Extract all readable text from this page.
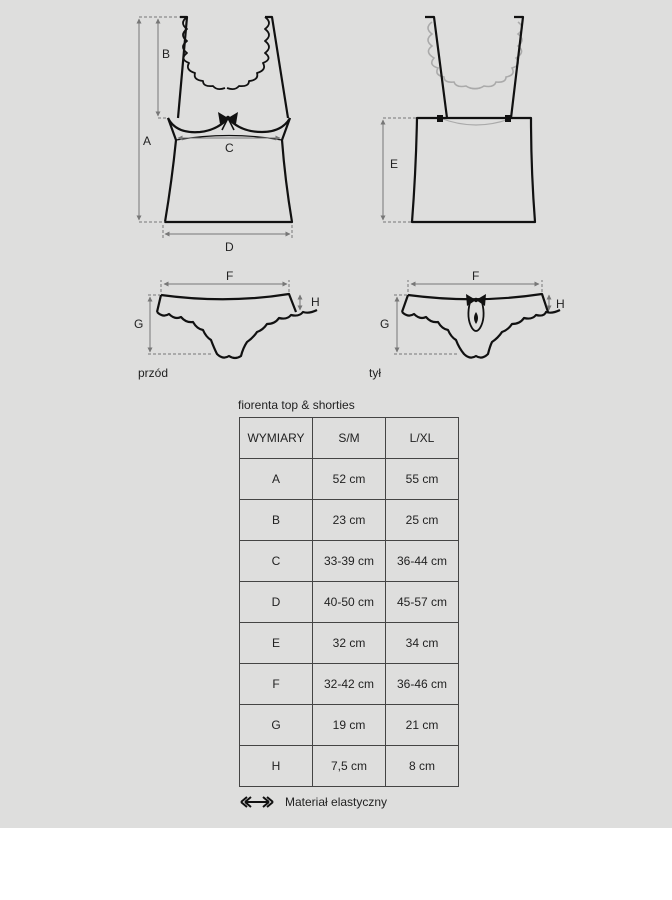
A
B
C
D
E
F
G
H
F
G
H
przód	tył
fiorenta top & shorties
WYMIARY	S/M	L/XL
A	52 cm	55 cm
B	23 cm	25 cm
C	33-39 cm	36-44 cm
D	40-50 cm	45-57 cm
E	32 cm	34 cm
F	32-42 cm	36-46 cm
G	19 cm	21 cm
H	7,5 cm	8 cm
Materiał elastyczny
